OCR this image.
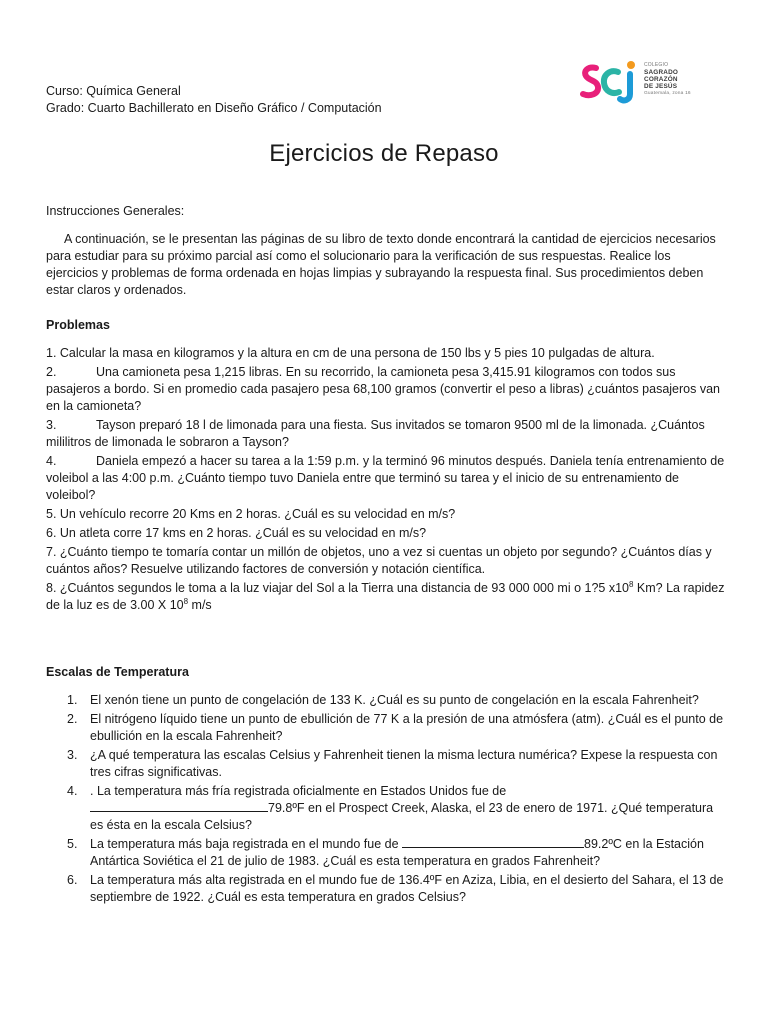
Curso: Química General
Grado: Cuarto Bachillerato en Diseño Gráfico / Computación
COLEGIO
SAGRADO
CORAZÓN
DE JESÚS
Guatemala, zona 16
Ejercicios de Repaso
Instrucciones Generales:
A continuación, se le presentan las páginas de su libro de texto donde encontrará la cantidad de ejercicios necesarios para estudiar para su próximo parcial así como el solucionario para la verificación de sus respuestas. Realice los ejercicios y problemas de forma ordenada en hojas limpias y subrayando la respuesta final. Sus procedimientos deben estar claros y ordenados.
Problemas

1. Calcular la masa en kilogramos y la altura en cm de una persona de 150 lbs y 5 pies 10 pulgadas de altura.

2.	Una camioneta pesa 1,215 libras. En su recorrido, la camioneta pesa 3,415.91 kilogramos con todos sus pasajeros a bordo. Si en promedio cada pasajero pesa 68,100 gramos (convertir el peso a libras) ¿cuántos pasajeros van en la camioneta?

3.	Tayson preparó 18 l de limonada para una fiesta. Sus invitados se tomaron 9500 ml de la limonada. ¿Cuántos mililitros de limonada le sobraron a Tayson?

4.	Daniela empezó a hacer su tarea a la 1:59 p.m. y la terminó 96 minutos después. Daniela tenía entrenamiento de voleibol a las 4:00 p.m. ¿Cuánto tiempo tuvo Daniela entre que terminó su tarea y el inicio de su entrenamiento de voleibol?

5. Un vehículo recorre 20 Kms en 2 horas. ¿Cuál es su velocidad en m/s?

6. Un atleta corre 17 kms en 2 horas. ¿Cuál es su velocidad en m/s?

7. ¿Cuánto tiempo te tomaría contar un millón de objetos, uno a vez si cuentas un objeto por segundo? ¿Cuántos días y cuántos años? Resuelve utilizando factores de conversión y notación científica.

8. ¿Cuántos segundos le toma a la luz viajar del Sol a la Tierra una distancia de 93 000 000 mi o 1?5 $x10^8$ Km? La rapidez de la luz es de 3.00 X $10^8$ m/s

Escalas de Temperatura
1. El xenón tiene un punto de congelación de 133 K. ¿Cuál es su punto de congelación en la escala Fahrenheit?
2. El nitrógeno líquido tiene un punto de ebullición de 77 K a la presión de una atmósfera (atm). ¿Cuál es el punto de ebullición en la escala Fahrenheit?
3. ¿A qué temperatura las escalas Celsius y Fahrenheit tienen la misma lectura numérica? Expese la respuesta con tres cifras significativas.
4. . La temperatura más fría registrada oficialmente en Estados Unidos fue de
79.8ºF en el Prospect Creek, Alaska, el 23 de enero de 1971. ¿Qué temperatura es ésta en la escala Celsius?
5. La temperatura más baja registrada en el mundo fue de	89.2ºC en la Estación Antártica Soviética el 21 de julio de 1983. ¿Cuál es esta temperatura en grados Fahrenheit?
6. La temperatura más alta registrada en el mundo fue de 136.4ºF en Aziza, Libia, en el desierto del Sahara, el 13 de septiembre de 1922. ¿Cuál es esta temperatura en grados Celsius?
